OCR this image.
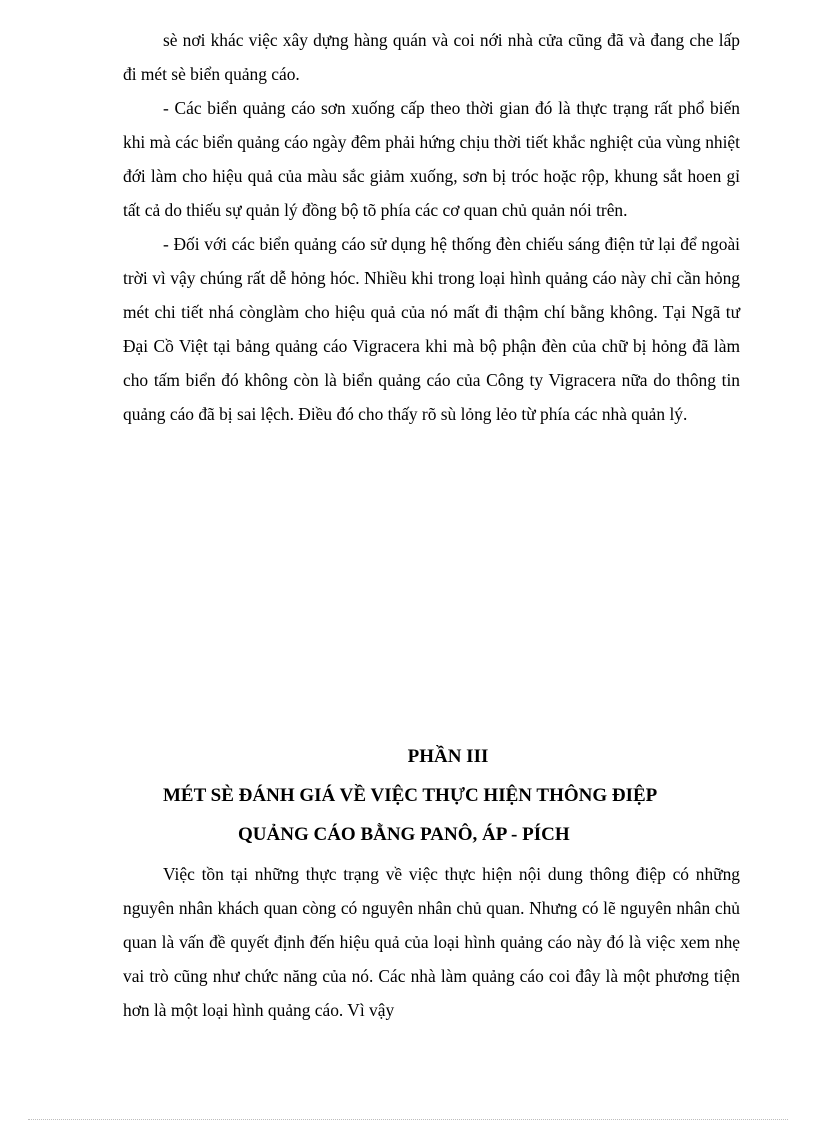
sè nơi khác việc xây dựng hàng quán và coi nới nhà cửa cũng đã và đang che lấp đi mét sè biển quảng cáo.

- Các biển quảng cáo sơn xuống cấp theo thời gian đó là thực trạng rất phổ biến khi mà các biển quảng cáo ngày đêm phải hứng chịu thời tiết khắc nghiệt của vùng nhiệt đới làm cho hiệu quả của màu sắc giảm xuống, sơn bị tróc hoặc rộp, khung sắt hoen gỉ tất cả do thiếu sự quản lý đồng bộ tõ phía các cơ quan chủ quản nói trên.

- Đối với các biển quảng cáo sử dụng hệ thống đèn chiếu sáng điện tử lại để ngoài trời vì vậy chúng rất dễ hỏng hóc. Nhiều khi trong loại hình quảng cáo này chỉ cần hỏng mét chi tiết nhá cònglàm cho hiệu quả của nó mất đi thậm chí bằng không. Tại Ngã tư Đại Cồ Việt tại bảng quảng cáo Vigracera khi mà bộ phận đèn của chữ bị hỏng đã làm cho tấm biển đó không còn là biển quảng cáo của Công ty Vigracera nữa do thông tin quảng cáo đã bị sai lệch. Điều đó cho thấy rõ sù lỏng lẻo từ phía các nhà quản lý.

PHẦN III
MÉT SÈ ĐÁNH GIÁ VỀ VIỆC THỰC HIỆN THÔNG ĐIỆP
QUẢNG CÁO BẰNG PANÔ, ÁP - PÍCH

Việc tồn tại những thực trạng về việc thực hiện nội dung thông điệp có những nguyên nhân khách quan còng có nguyên nhân chủ quan. Nhưng có lẽ nguyên nhân chủ quan là vấn đề quyết định đến hiệu quả của loại hình quảng cáo này đó là việc xem nhẹ vai trò cũng như chức năng của nó. Các nhà làm quảng cáo coi đây là một phương tiện hơn là một loại hình quảng cáo. Vì vậy
